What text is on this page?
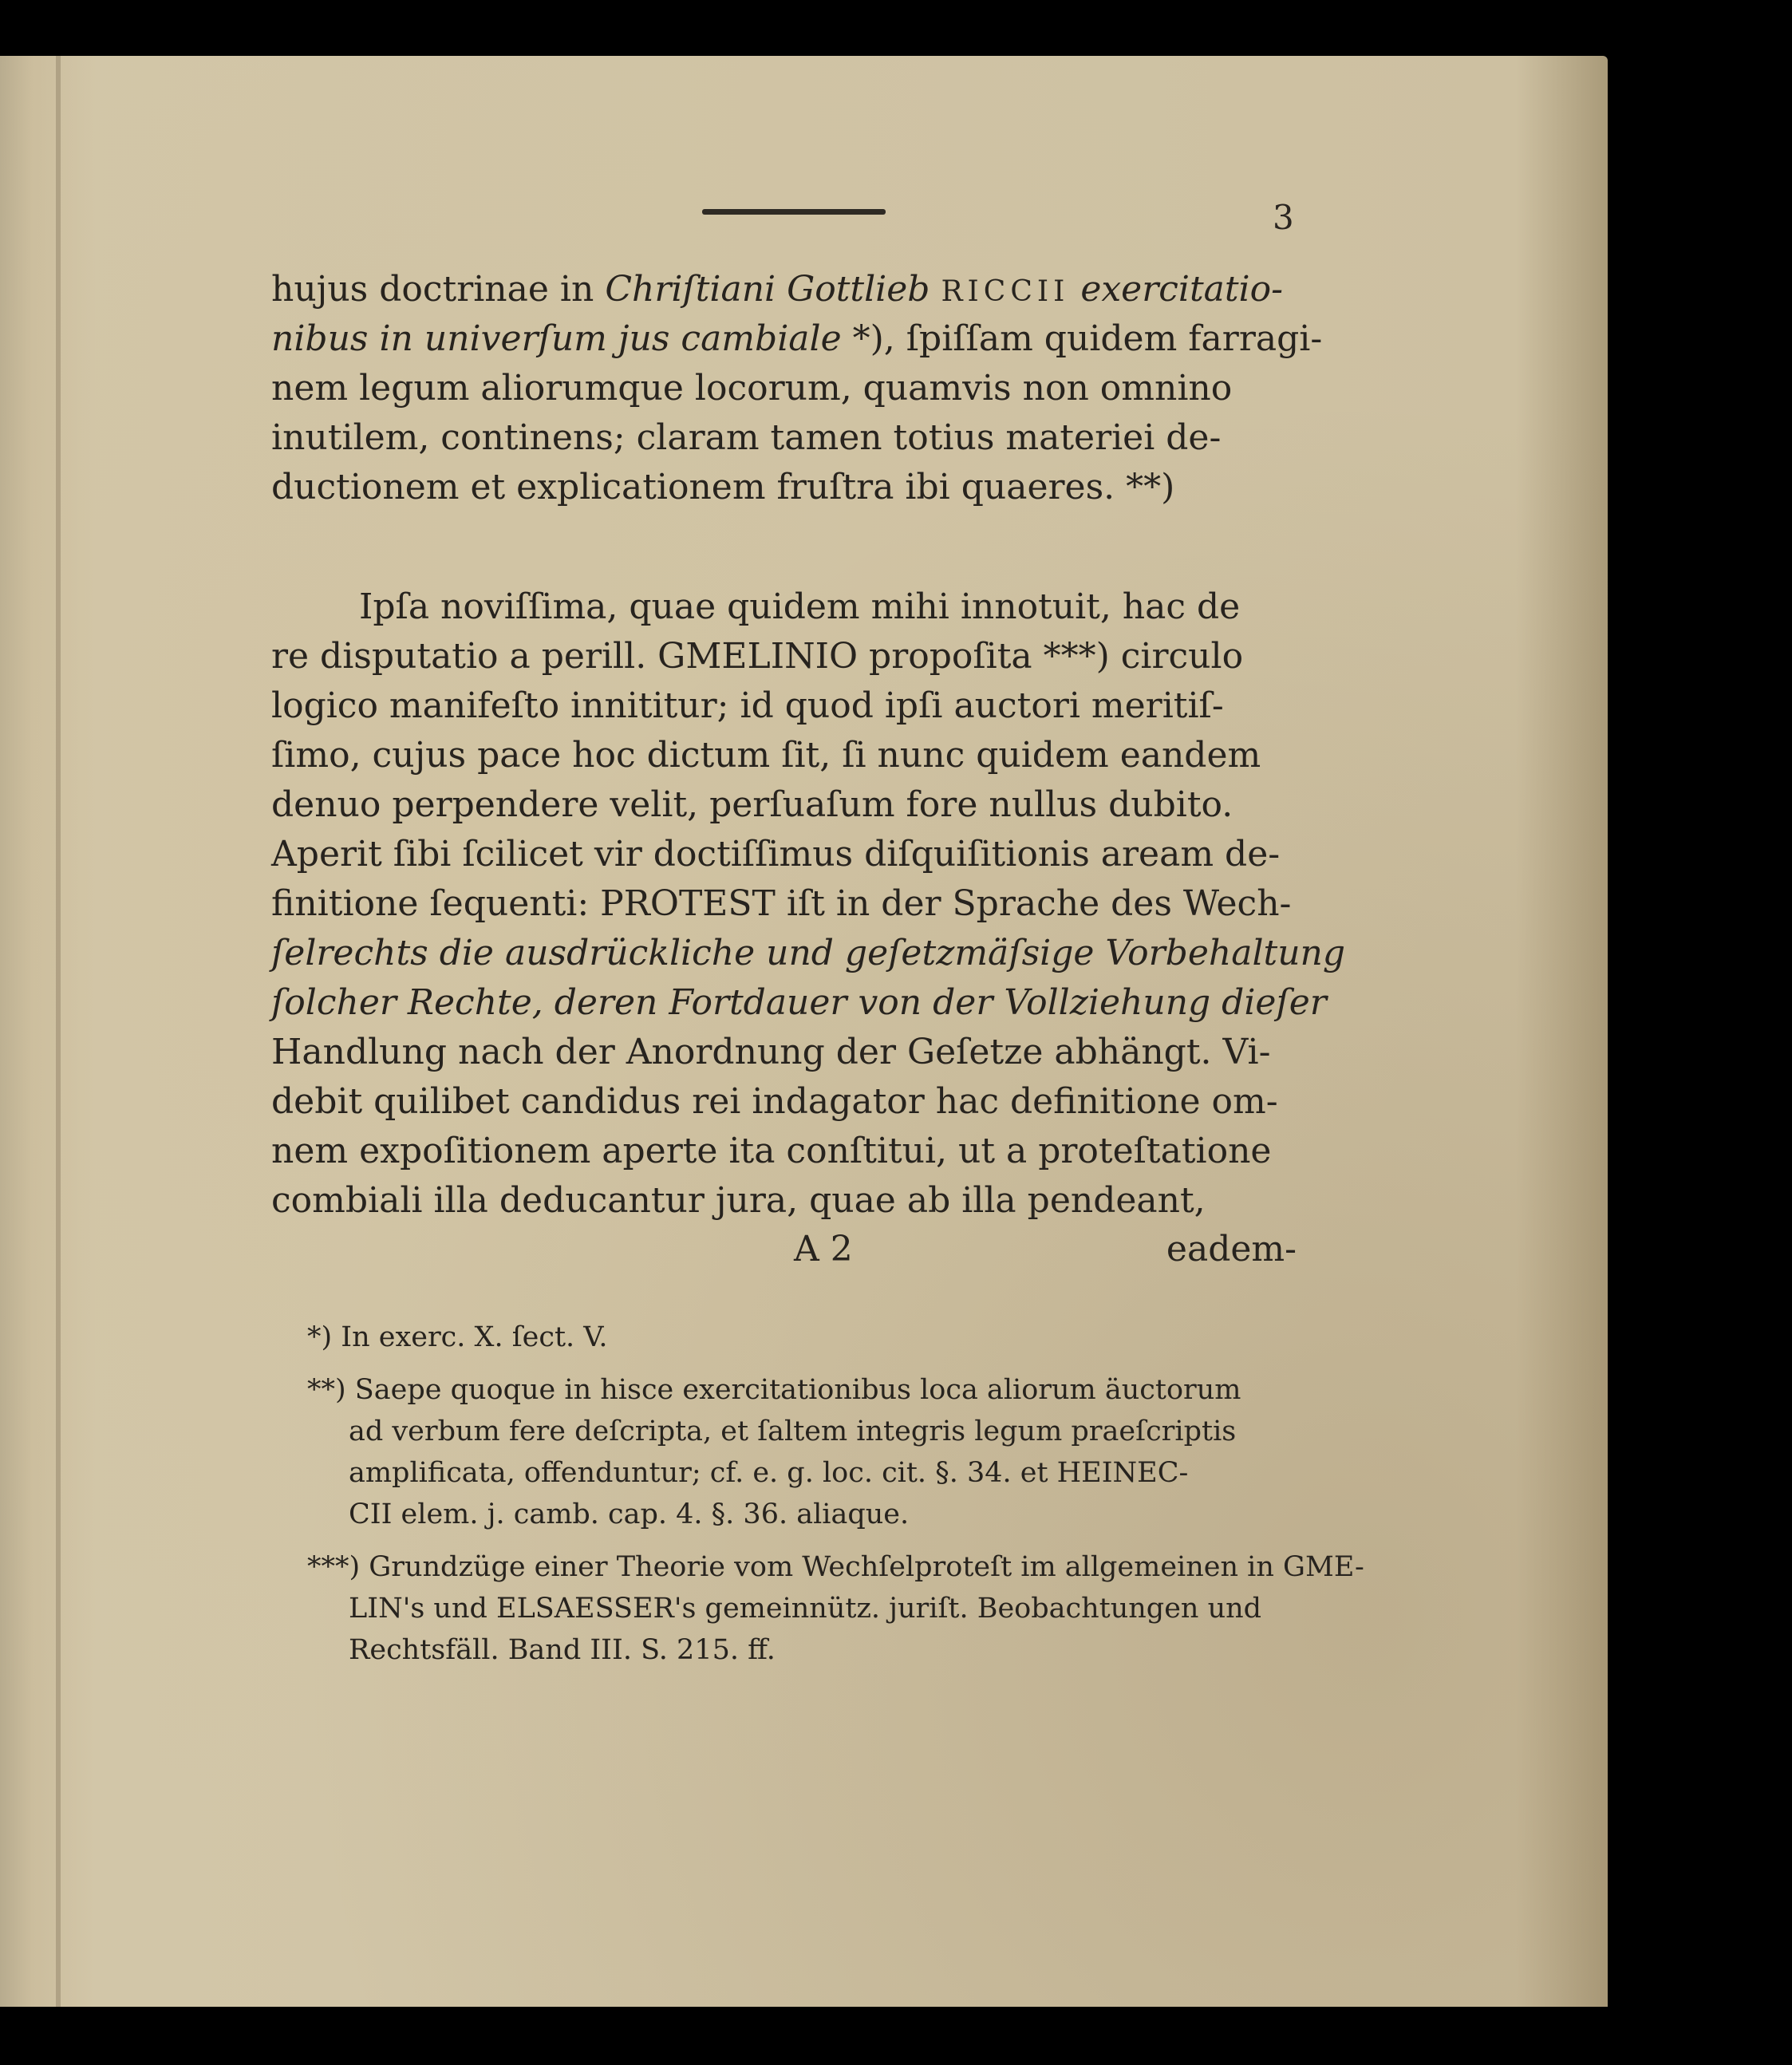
3
hujus doctrinae in Chriſtiani Gottlieb RICCII exercitatio-
nibus in univerſum jus cambiale *), ſpiſſam quidem farragi-
nem legum aliorumque locorum, quamvis non omnino
inutilem, continens; claram tamen totius materiei de-
ductionem et explicationem fruſtra ibi quaeres. **)
Ipſa noviſſima, quae quidem mihi innotuit, hac de
re disputatio a perill. GMELINIO propoſita ***) circulo
logico manifeſto innititur; id quod ipſi auctori meritiſ-
ſimo, cujus pace hoc dictum ſit, ſi nunc quidem eandem
denuo perpendere velit, perſuaſum fore nullus dubito.
Aperit ſibi ſcilicet vir doctiſſimus diſquiſitionis aream de-
finitione ſequenti: PROTEST iſt in der Sprache des Wech-
ſelrechts die ausdrückliche und geſetzmäſsige Vorbehaltung
ſolcher Rechte, deren Fortdauer von der Vollziehung dieſer
Handlung nach der Anordnung der Geſetze abhängt. Vi-
debit quilibet candidus rei indagator hac definitione om-
nem expoſitionem aperte ita conſtitui, ut a proteſtatione
combiali illa deducantur jura, quae ab illa pendeant,
A 2	eadem-
*) In exerc. X. ſect. V.
**) Saepe quoque in hisce exercitationibus loca aliorum äuctorum
ad verbum fere deſcripta, et ſaltem integris legum praeſcriptis
amplificata, offenduntur; cf. e. g. loc. cit. §. 34. et HEINEC-
CII elem. j. camb. cap. 4. §. 36. aliaque.
***) Grundzüge einer Theorie vom Wechſelproteſt im allgemeinen in GME-
LIN's und ELSAESSER's gemeinnütz. juriſt. Beobachtungen und
Rechtsfäll. Band III. S. 215. ff.
